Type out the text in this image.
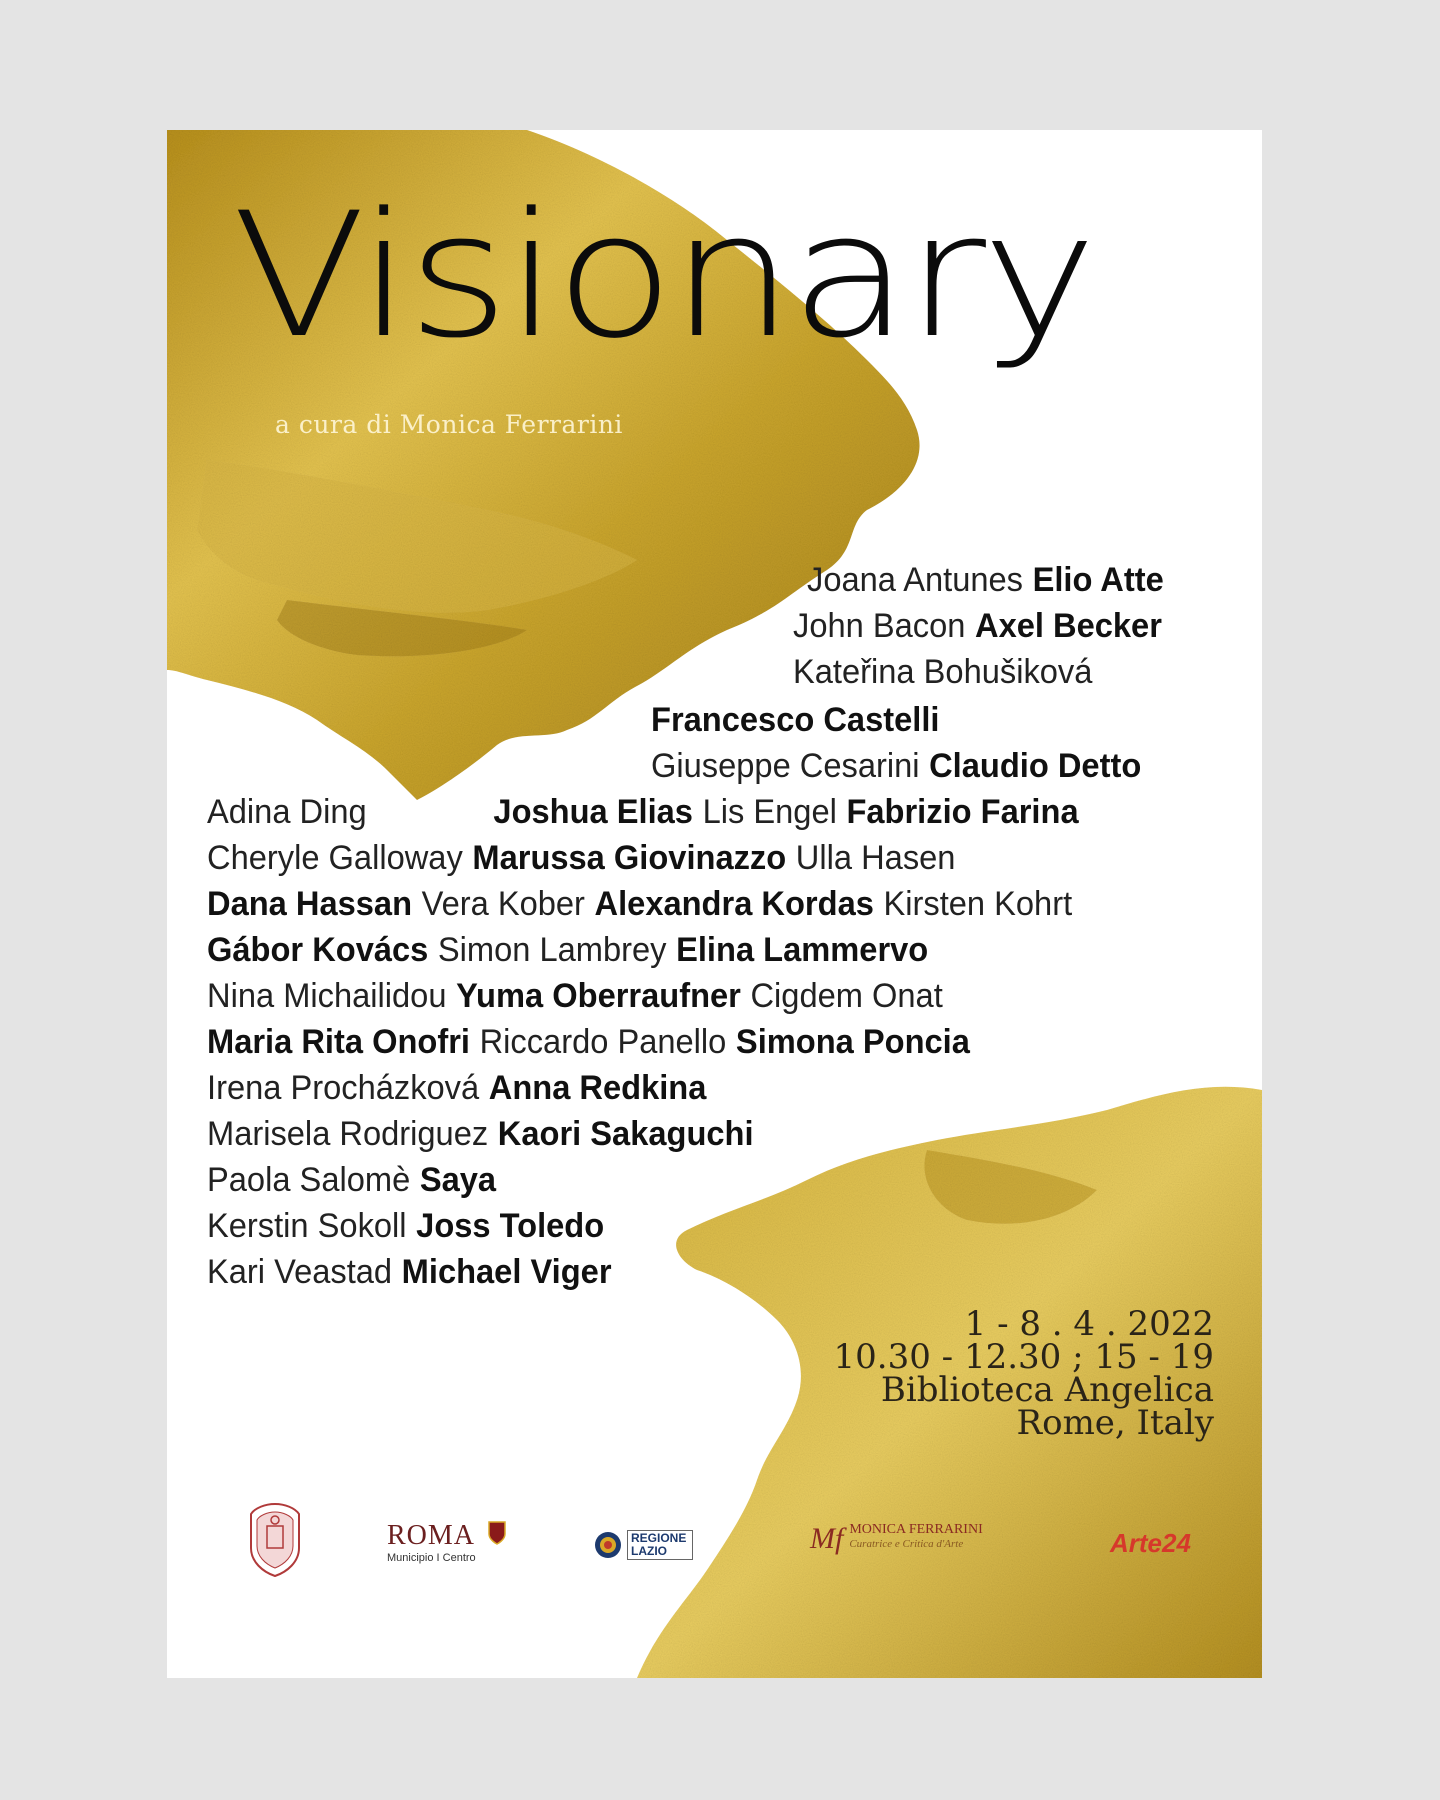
Visionary
a cura di Monica Ferrarini
Joana Antunes Elio Atte
John Bacon Axel Becker
Kateřina Bohušiková
Francesco Castelli
Giuseppe Cesarini Claudio Detto
Adina Ding	Joshua Elias Lis Engel Fabrizio Farina
Cheryle Galloway Marussa Giovinazzo Ulla Hasen
Dana Hassan Vera Kober Alexandra Kordas Kirsten Kohrt
Gábor Kovács Simon Lambrey Elina Lammervo
Nina Michailidou Yuma Oberraufner Cigdem Onat
Maria Rita Onofri Riccardo Panello Simona Poncia
Irena Procházková Anna Redkina
Marisela Rodriguez Kaori Sakaguchi
Paola Salomè Saya
Kerstin Sokoll Joss Toledo
Kari Veastad Michael Viger
1 - 8 . 4 . 2022
10.30 - 12.30 ; 15 - 19
Biblioteca Angelica
Rome, Italy
ROMA
Municipio I Centro
REGIONE
LAZIO	Mf MONICA FERRARINI
Curatrice e Critica d'Arte	Arte24
